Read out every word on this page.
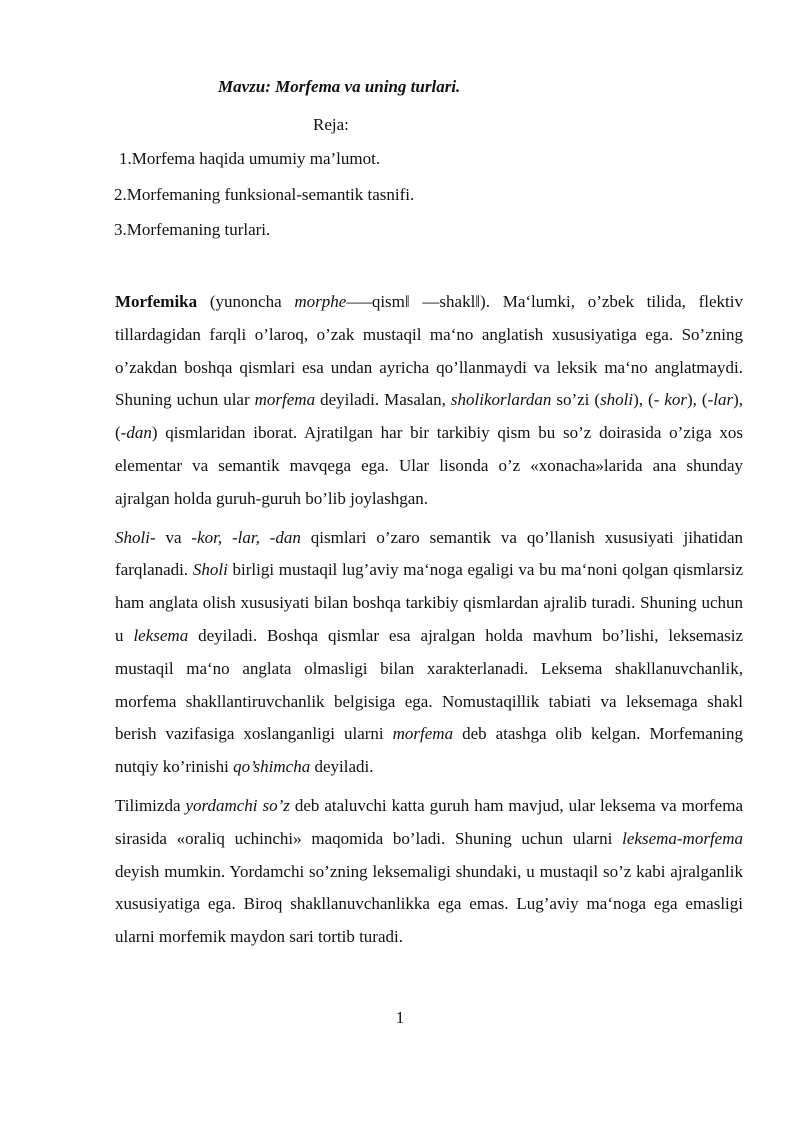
Mavzu: Morfema va uning turlari.
Reja:
1.Morfema haqida umumiy ma’lumot.
2.Morfemaning funksional-semantik tasnifi.
3.Morfemaning turlari.

Morfemika (yunoncha morphe–—qism‖ —shakl‖). Ma‘lumki, o’zbek tilida, flektiv tillardagidan farqli o’laroq, o’zak mustaqil ma‘no anglatish xususiyatiga ega. So’zning o’zakdan boshqa qismlari esa undan ayricha qo’llanmaydi va leksik ma‘no anglatmaydi. Shuning uchun ular morfema deyiladi. Masalan, sholikorlardan so’zi (sholi), (- kor), (-lar), (-dan) qismlaridan iborat. Ajratilgan har bir tarkibiy qism bu so’z doirasida o’ziga xos elementar va semantik mavqega ega. Ular lisonda o’z «xonacha»larida ana shunday ajralgan holda guruh-guruh bo’lib joylashgan.

Sholi- va -kor, -lar, -dan qismlari o’zaro semantik va qo’llanish xususiyati jihatidan farqlanadi. Sholi birligi mustaqil lug’aviy ma‘noga egaligi va bu ma‘noni qolgan qismlarsiz ham anglata olish xususiyati bilan boshqa tarkibiy qismlardan ajralib turadi. Shuning uchun u leksema deyiladi. Boshqa qismlar esa ajralgan holda mavhum bo’lishi, leksemasiz mustaqil ma‘no anglata olmasligi bilan xarakterlanadi. Leksema shakllanuvchanlik, morfema shakllantiruvchanlik belgisiga ega. Nomustaqillik tabiati va leksemaga shakl berish vazifasiga xoslanganligi ularni morfema deb atashga olib kelgan. Morfemaning nutqiy ko’rinishi qo’shimcha deyiladi.

Tilimizda yordamchi so’z deb ataluvchi katta guruh ham mavjud, ular leksema va morfema sirasida «oraliq uchinchi» maqomida bo’ladi. Shuning uchun ularni leksema-morfema deyish mumkin. Yordamchi so’zning leksemaligi shundaki, u mustaqil so’z kabi ajralganlik xususiyatiga ega. Biroq shakllanuvchanlikka ega emas. Lug’aviy ma‘noga ega emasligi ularni morfemik maydon sari tortib turadi.

1
